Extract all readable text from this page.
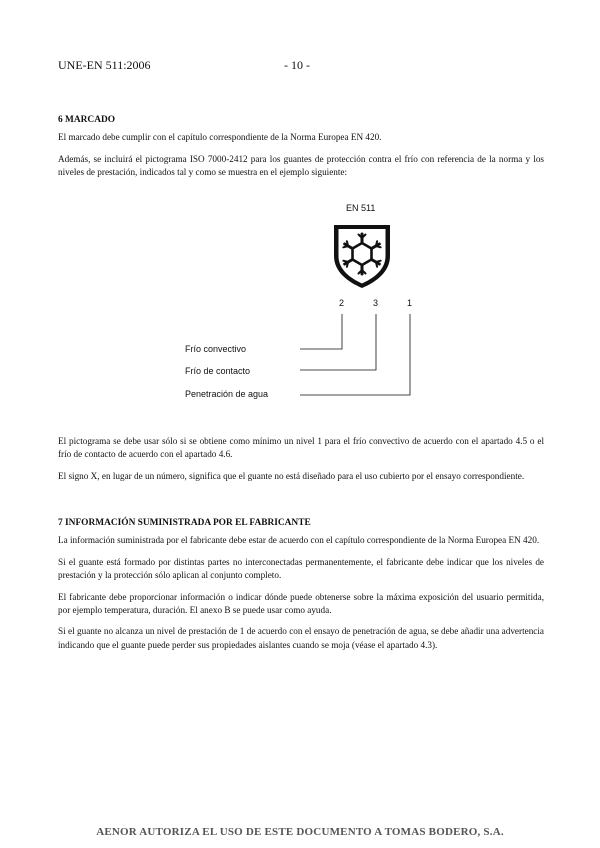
UNE-EN 511:2006	- 10 -

6 MARCADO

El marcado debe cumplir con el capítulo correspondiente de la Norma Europea EN 420.

Además, se incluirá el pictograma ISO 7000-2412 para los guantes de protección contra el frío con referencia de la norma y los niveles de prestación, indicados tal y como se muestra en el ejemplo siguiente:

EN 511
2	3	1
Frío convectivo
Frío de contacto
Penetración de agua

El pictograma se debe usar sólo si se obtiene como mínimo un nivel 1 para el frío convectivo de acuerdo con el apartado 4.5 o el frío de contacto de acuerdo con el apartado 4.6.

El signo X, en lugar de un número, significa que el guante no está diseñado para el uso cubierto por el ensayo correspondiente.

7 INFORMACIÓN SUMINISTRADA POR EL FABRICANTE

La información suministrada por el fabricante debe estar de acuerdo con el capítulo correspondiente de la Norma Europea EN 420.

Si el guante está formado por distintas partes no interconectadas permanentemente, el fabricante debe indicar que los niveles de prestación y la protección sólo aplican al conjunto completo.

El fabricante debe proporcionar información o indicar dónde puede obtenerse sobre la máxima exposición del usuario permitida, por ejemplo temperatura, duración. El anexo B se puede usar como ayuda.

Si el guante no alcanza un nivel de prestación de 1 de acuerdo con el ensayo de penetración de agua, se debe añadir una advertencia indicando que el guante puede perder sus propiedades aislantes cuando se moja (véase el apartado 4.3).

AENOR AUTORIZA EL USO DE ESTE DOCUMENTO A TOMAS BODERO, S.A.
